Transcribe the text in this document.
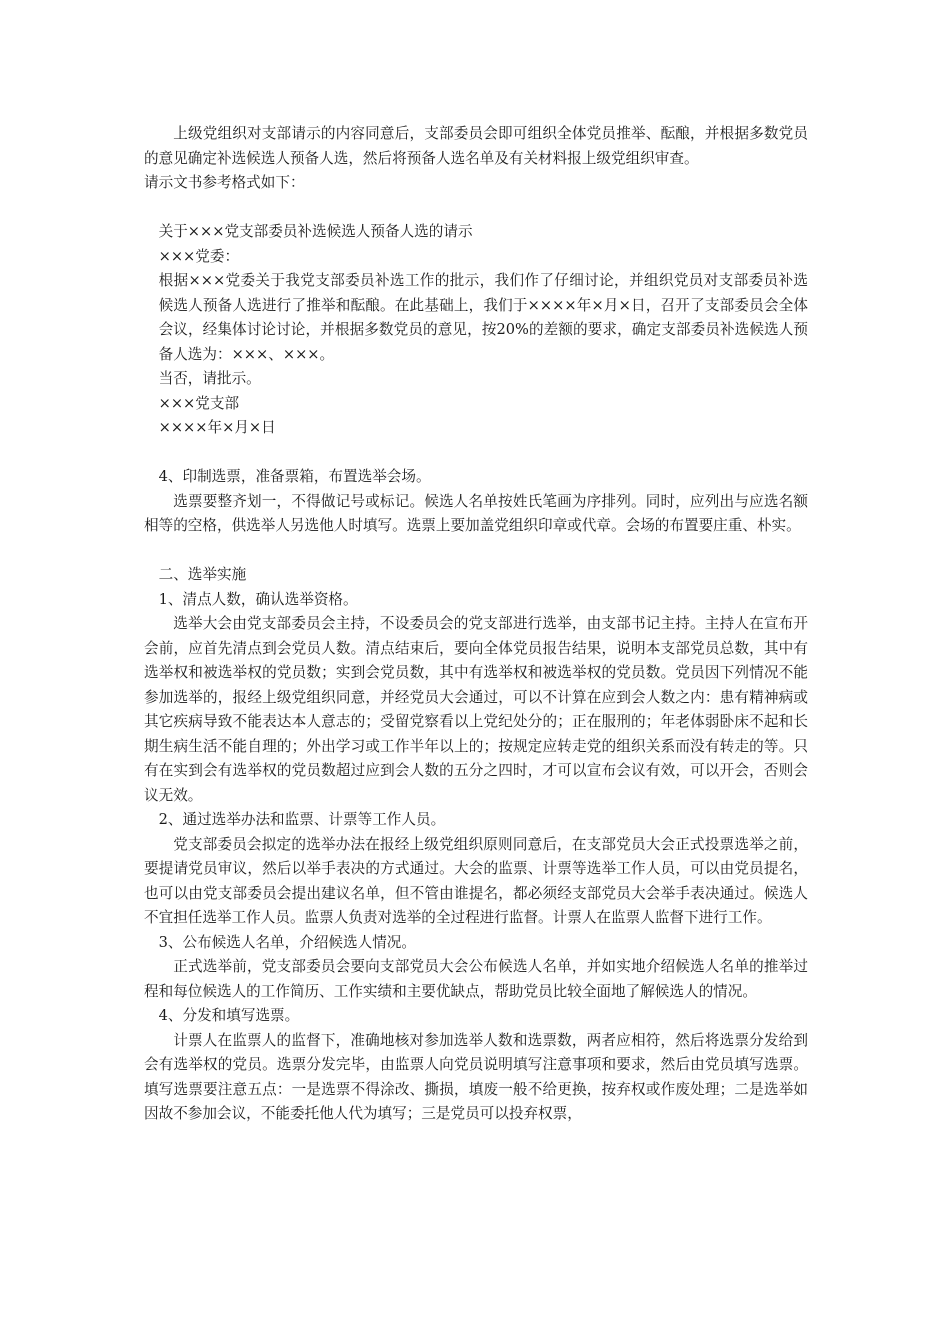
上级党组织对支部请示的内容同意后，支部委员会即可组织全体党员推举、酝酿，并根据多数党员的意见确定补选候选人预备人选，然后将预备人选名单及有关材料报上级党组织审查。

请示文书参考格式如下：

关于×××党支部委员补选候选人预备人选的请示

×××党委：

根据×××党委关于我党支部委员补选工作的批示，我们作了仔细讨论，并组织党员对支部委员补选候选人预备人选进行了推举和酝酿。在此基础上，我们于××××年×月×日，召开了支部委员会全体会议，经集体讨论讨论，并根据多数党员的意见，按20%的差额的要求，确定支部委员补选候选人预备人选为：×××、×××。

当否，请批示。

×××党支部

××××年×月×日

4、印制选票，准备票箱，布置选举会场。

选票要整齐划一，不得做记号或标记。候选人名单按姓氏笔画为序排列。同时，应列出与应选名额相等的空格，供选举人另选他人时填写。选票上要加盖党组织印章或代章。会场的布置要庄重、朴实。

二、选举实施

1、清点人数，确认选举资格。

选举大会由党支部委员会主持，不设委员会的党支部进行选举，由支部书记主持。主持人在宣布开会前，应首先清点到会党员人数。清点结束后，要向全体党员报告结果，说明本支部党员总数，其中有选举权和被选举权的党员数；实到会党员数，其中有选举权和被选举权的党员数。党员因下列情况不能参加选举的，报经上级党组织同意，并经党员大会通过，可以不计算在应到会人数之内：患有精神病或其它疾病导致不能表达本人意志的；受留党察看以上党纪处分的；正在服刑的；年老体弱卧床不起和长期生病生活不能自理的；外出学习或工作半年以上的；按规定应转走党的组织关系而没有转走的等。只有在实到会有选举权的党员数超过应到会人数的五分之四时，才可以宣布会议有效，可以开会，否则会议无效。

2、通过选举办法和监票、计票等工作人员。

党支部委员会拟定的选举办法在报经上级党组织原则同意后，在支部党员大会正式投票选举之前，要提请党员审议，然后以举手表决的方式通过。大会的监票、计票等选举工作人员，可以由党员提名，也可以由党支部委员会提出建议名单，但不管由谁提名，都必须经支部党员大会举手表决通过。候选人不宜担任选举工作人员。监票人负责对选举的全过程进行监督。计票人在监票人监督下进行工作。

3、公布候选人名单，介绍候选人情况。

正式选举前，党支部委员会要向支部党员大会公布候选人名单，并如实地介绍候选人名单的推举过程和每位候选人的工作简历、工作实绩和主要优缺点，帮助党员比较全面地了解候选人的情况。

4、分发和填写选票。

计票人在监票人的监督下，准确地核对参加选举人数和选票数，两者应相符，然后将选票分发给到会有选举权的党员。选票分发完毕，由监票人向党员说明填写注意事项和要求，然后由党员填写选票。填写选票要注意五点：一是选票不得涂改、撕损，填废一般不给更换，按弃权或作废处理；二是选举如因故不参加会议，不能委托他人代为填写；三是党员可以投弃权票，
